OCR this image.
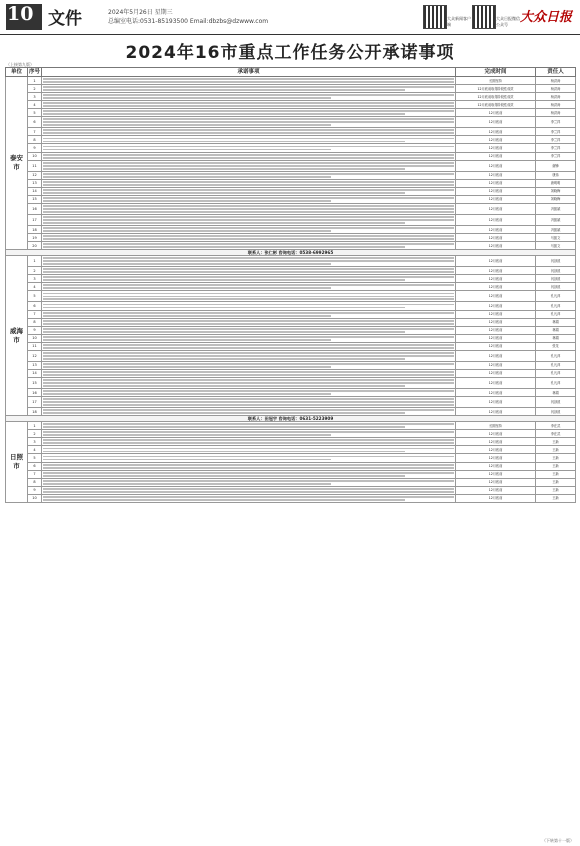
10 文件	2024年5月26日 星期三
总编室电话:0531-85193500 Email:dbzbs@dzwww.com	大众新闻客户端
大众日报微信公众号 大众日报
2024年16市重点工作任务公开承诺事项
（上接第九版）
单位	序号	承诺事项	完成时间	责任人
泰安市	1		长期坚持	杨洪涛
	2		12月底前取得阶段性成效	杨洪涛
	3		12月底前取得阶段性成效	杨洪涛
	4		12月底前取得阶段性成效	杨洪涛
	5		12月底前	杨洪涛
	6		12月底前	李兰祥
	7		12月底前	李兰祥
	8		12月底前	李兰祥
	9		12月底前	李兰祥
	10		12月底前	李兰祥
	11		12月底前	谢锋
	12		12月底前	康伟
	13		12月底前	唐明明
	14		12月底前	刘晓梅
	15		12月底前	刘晓梅
	16		12月底前	冯振斌
	17		12月底前	冯振斌
	18		12月底前	冯振斌
	19		12月底前	马振文
	20		12月底前	马振文
联系人：张仁彬 咨询电话：0538-6992965				
威海市	1		12月底前	闫剑波
	2		12月底前	闫剑波
	3		12月底前	闫剑波
	4		12月底前	闫剑波
	5		12月底前	孔凡萍
	6		12月底前	孔凡萍
	7		12月底前	孔凡萍
	8		12月底前	林娟
	9		12月底前	林娟
	10		12月底前	林娟
	11		12月底前	张龙
	12		12月底前	孔凡萍
	13		12月底前	孔凡萍
	14		12月底前	孔凡萍
	15		12月底前	孔凡萍
	16		12月底前	林娟
	17		12月底前	闫剑波
	18		12月底前	闫剑波
联系人：田冠宇 咨询电话：0631-5223909				
日照市	1		长期坚持	李在武
	2		12月底前	李在武
	3		12月底前	王新
	4		12月底前	王新
	5		12月底前	王新
	6		12月底前	王新
	7		12月底前	王新
	8		12月底前	王新
	9		12月底前	王新
	10		12月底前	王新
（下转第十一版）
